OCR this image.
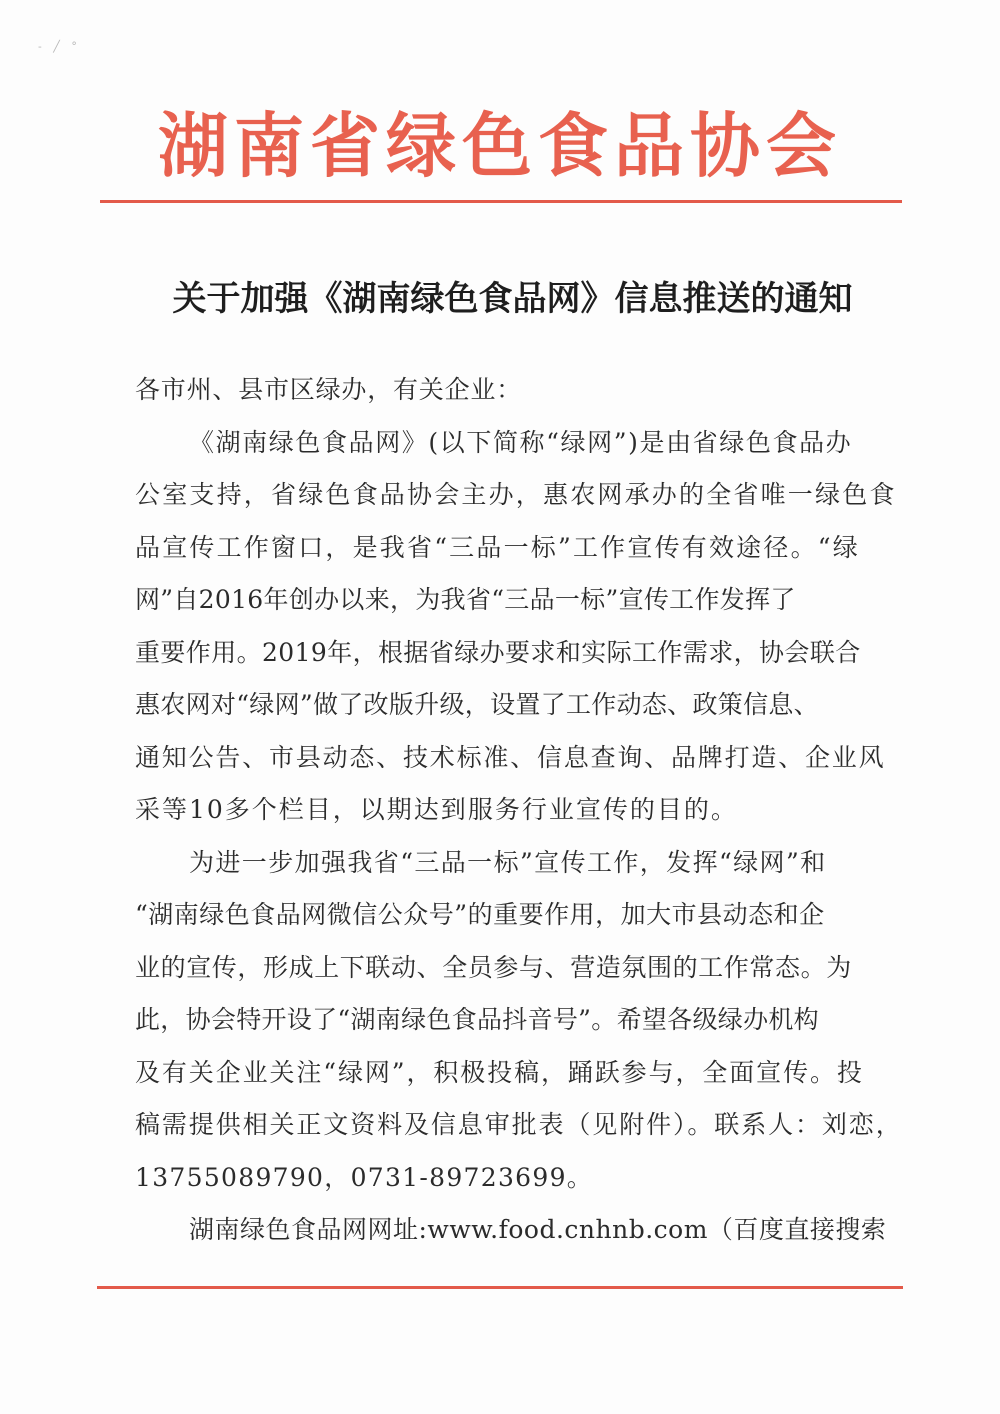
- ╱ °
湖南省绿色食品协会
关于加强《湖南绿色食品网》信息推送的通知
各市州、县市区绿办，有关企业：
《湖南绿色食品网》(以下简称“绿网”)是由省绿色食品办
公室支持，省绿色食品协会主办，惠农网承办的全省唯一绿色食
品宣传工作窗口，是我省“三品一标”工作宣传有效途径。“绿
网”自2016年创办以来，为我省“三品一标”宣传工作发挥了
重要作用。2019年，根据省绿办要求和实际工作需求，协会联合
惠农网对“绿网”做了改版升级，设置了工作动态、政策信息、
通知公告、市县动态、技术标准、信息查询、品牌打造、企业风
采等10多个栏目，以期达到服务行业宣传的目的。
为进一步加强我省“三品一标”宣传工作，发挥“绿网”和
“湖南绿色食品网微信公众号”的重要作用，加大市县动态和企
业的宣传，形成上下联动、全员参与、营造氛围的工作常态。为
此，协会特开设了“湖南绿色食品抖音号”。希望各级绿办机构
及有关企业关注“绿网”，积极投稿，踊跃参与，全面宣传。投
稿需提供相关正文资料及信息审批表（见附件）。联系人：刘恋，
13755089790，0731-89723699。
湖南绿色食品网网址:www.food.cnhnb.com（百度直接搜索
